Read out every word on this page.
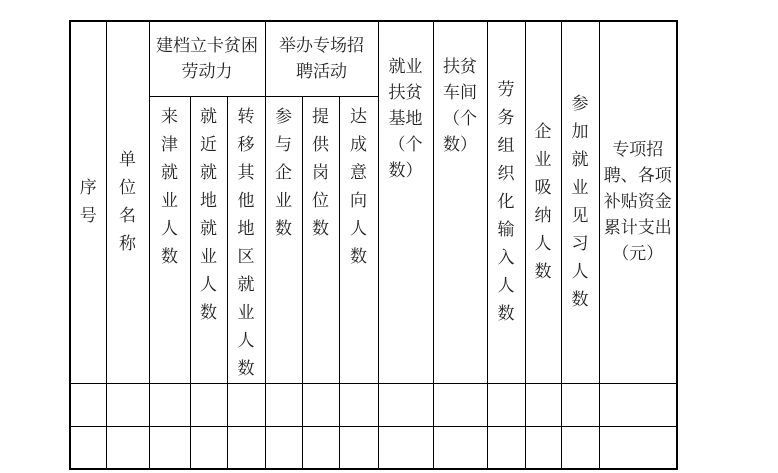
序号	单位名称	建档立卡贫困劳动力			举办专场招聘活动			就业扶贫基地（个数）	扶贫车间（个数）	劳务组织化输入人数	企业吸纳人数	参加就业见习人数	专项招聘、各项补贴资金累计支出（元）
		来津就业人数	就近就地就业人数	转移其他地区就业人数	参与企业数	提供岗位数	达成意向人数						
